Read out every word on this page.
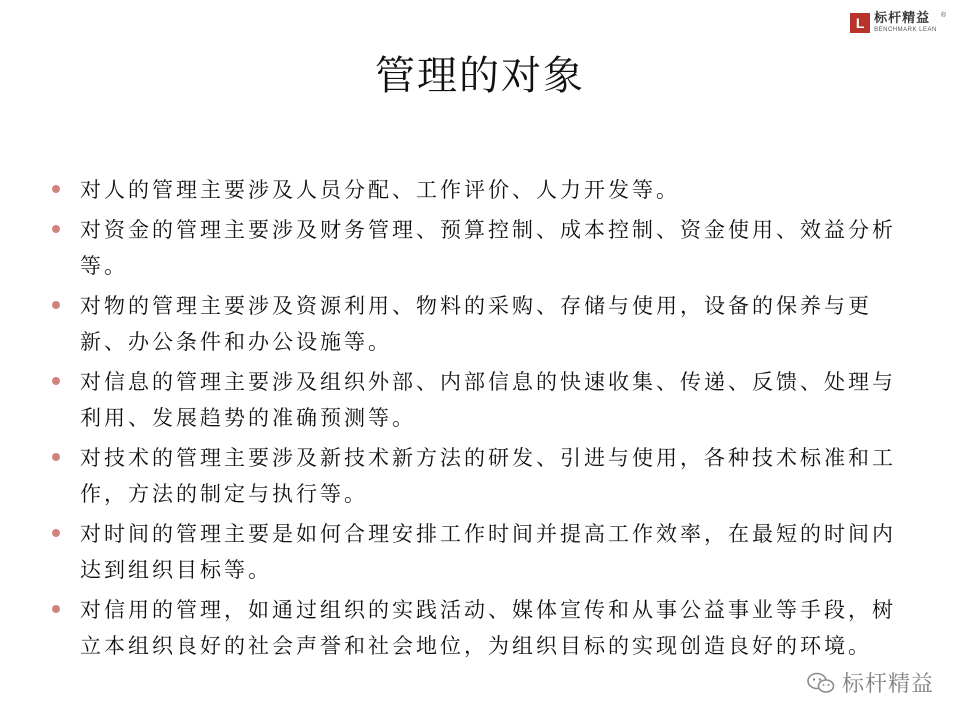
L 标杆精益
BENCHMARK LEAN
®
管理的对象
对人的管理主要涉及人员分配、工作评价、人力开发等。
对资金的管理主要涉及财务管理、预算控制、成本控制、资金使用、效益分析等。
对物的管理主要涉及资源利用、物料的采购、存储与使用，设备的保养与更新、办公条件和办公设施等。
对信息的管理主要涉及组织外部、内部信息的快速收集、传递、反馈、处理与利用、发展趋势的准确预测等。
对技术的管理主要涉及新技术新方法的研发、引进与使用，各种技术标准和工作，方法的制定与执行等。
对时间的管理主要是如何合理安排工作时间并提高工作效率，在最短的时间内达到组织目标等。
对信用的管理，如通过组织的实践活动、媒体宣传和从事公益事业等手段，树立本组织良好的社会声誉和社会地位，为组织目标的实现创造良好的环境。
标杆精益
